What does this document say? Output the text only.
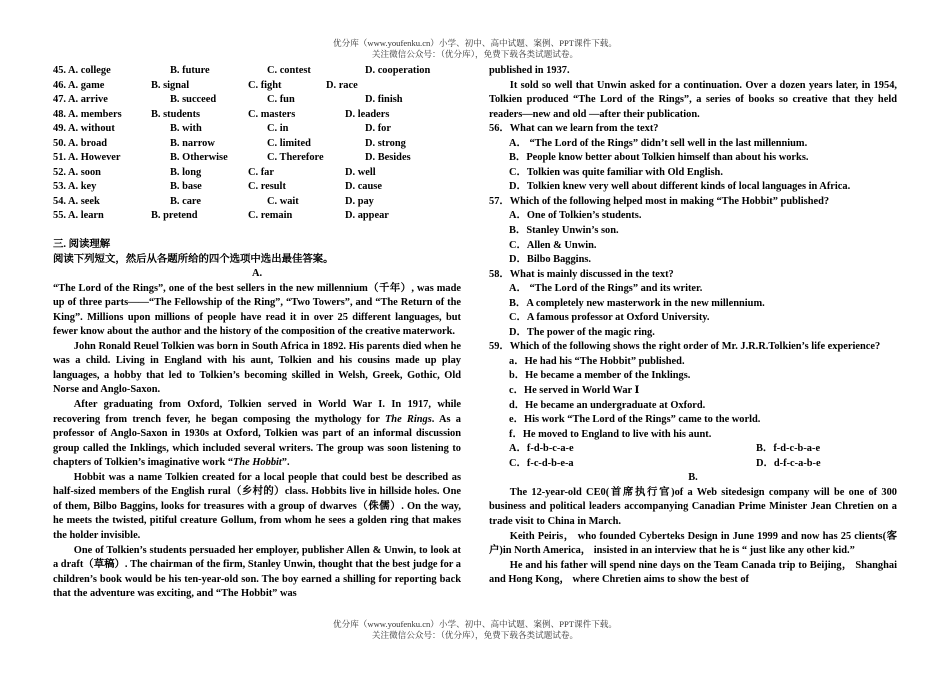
优分库（www.youfenku.cn）小学、初中、高中试题、案例、PPT课件下载。
关注微信公众号：（优分库），免费下载各类试题试卷。
45. A. college	B. future	C. contest	D. cooperation
46. A. game	B. signal	C. fight	D. race
47. A. arrive	B. succeed	C. fun	D. finish
48. A. members	B. students	C. masters	D. leaders
49. A. without	B. with	C. in	D. for
50. A. broad	B. narrow	C. limited	D. strong
51. A. However	B. Otherwise	C. Therefore	D. Besides
52. A. soon	B. long	C. far	D. well
53. A. key	B. base	C. result	D. cause
54. A. seek	B. care	C. wait	D. pay
55. A. learn	B. pretend	C. remain	D. appear
三. 阅读理解
阅读下列短文，然后从各题所给的四个选项中选出最佳答案。
A.
“The Lord of the Rings”, one of the best sellers in the new millennium（千年）, was made up of three parts——“The Fellowship of the Ring”, “Two Towers”, and “The Return of the King”. Millions upon millions of people have read it in over 25 different languages, but fewer know about the author and the history of the composition of the creative materwork.
John Ronald Reuel Tolkien was born in South Africa in 1892. His parents died when he was a child. Living in England with his aunt, Tolkien and his cousins made up play languages, a hobby that led to Tolkien’s becoming skilled in Welsh, Greek, Gothic, Old Norse and Anglo-Saxon.
After graduating from Oxford, Tolkien served in World War I. In 1917, while recovering from trench fever, he began composing the mythology for The Rings. As a professor of Anglo-Saxon in 1930s at Oxford, Tolkien was part of an informal discussion group called the Inklings, which included several writers. The group was soon listening to chapters of Tolkien’s imaginative work “The Hobbit”.
Hobbit was a name Tolkien created for a local people that could best be described as half-sized members of the English rural（乡村的）class. Hobbits live in hillside holes. One of them, Bilbo Baggins, looks for treasures with a group of dwarves（侏儒）. On the way, he meets the twisted, pitiful creature Gollum, from whom he sees a golden ring that makes the holder invisible.
One of Tolkien’s students persuaded her employer, publisher Allen & Unwin, to look at a draft（草稿）. The chairman of the firm, Stanley Unwin, thought that the best judge for a children’s book would be his ten-year-old son. The boy earned a shilling for reporting back that the adventure was exciting, and “The Hobbit” was
published in 1937.
It sold so well that Unwin asked for a continuation. Over a dozen years later, in 1954, Tolkien produced “The Lord of the Rings”, a series of books so creative that they held readers—new and old —after their publication.
56．What can we learn from the text?
A． “The Lord of the Rings” didn’t sell well in the last millennium.
B．People know better about Tolkien himself than about his works.
C．Tolkien was quite familiar with Old English.
D．Tolkien knew very well about different kinds of local languages in Africa.
57．Which of the following helped most in making “The Hobbit” published?
A．One of Tolkien’s students.
B．Stanley Unwin’s son.
C．Allen & Unwin.
D．Bilbo Baggins.
58．What is mainly discussed in the text?
A． “The Lord of the Rings” and its writer.
B．A completely new masterwork in the new millennium.
C．A famous professor at Oxford University.
D．The power of the magic ring.
59．Which of the following shows the right order of Mr. J.R.R.Tolkien’s life experience?
a．He had his “The Hobbit” published.
b．He became a member of the Inklings.
c．He served in World War Ⅰ
d．He became an undergraduate at Oxford.
e．His work “The Lord of the Rings” came to the world.
f．He moved to England to live with his aunt.
A．f-d-b-c-a-e	B．f-d-c-b-a-e
C．f-c-d-b-e-a	D．d-f-c-a-b-e
B.
The 12-year-old CE0(首席执行官)of a Web sitedesign company will be one of 300 business and political leaders accompanying Canadian Prime Minister Jean Chretien on a trade visit to China in March.
Keith Peiris， who founded Cyberteks Design in June 1999 and now has 25 clients(客户)in North America， insisted in an interview that he is “ just like any other kid.”
He and his father will spend nine days on the Team Canada trip to Beijing， Shanghai and Hong Kong， where Chretien aims to show the best of
优分库（www.youfenku.cn）小学、初中、高中试题、案例、PPT课件下载。
关注微信公众号：（优分库），免费下载各类试题试卷。
